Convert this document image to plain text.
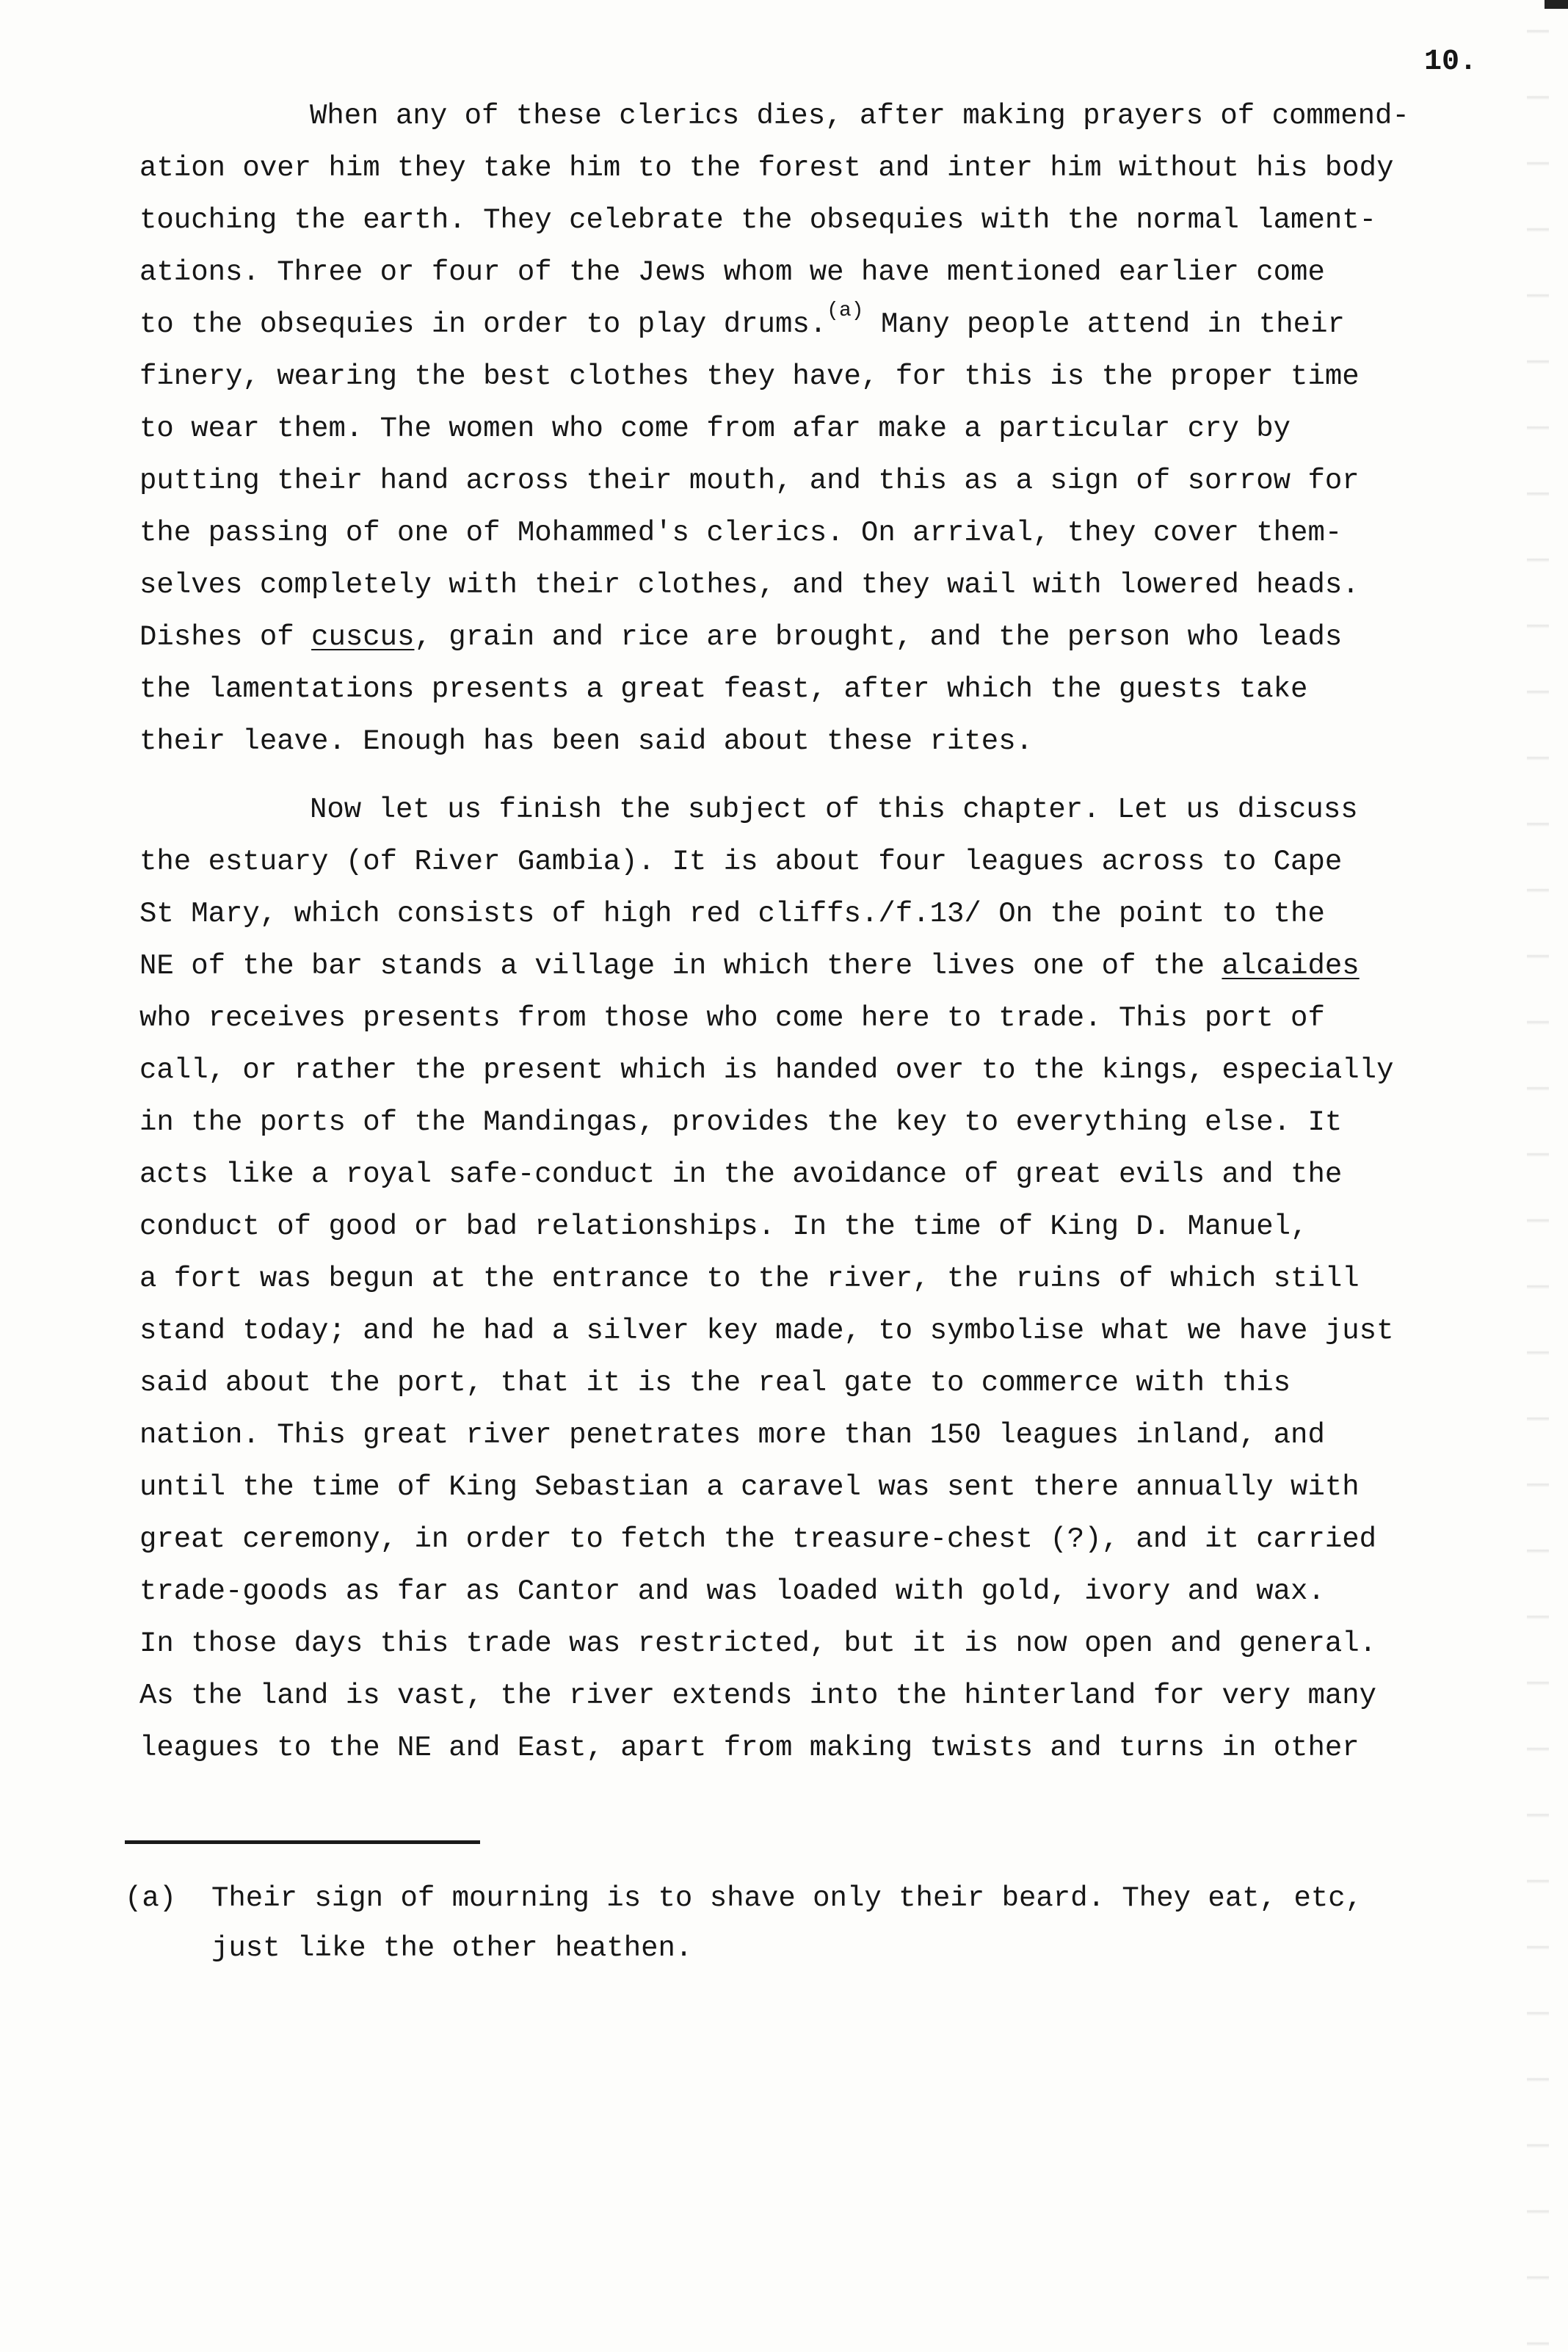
10.
When any of these clerics dies, after making prayers of commend-
ation over him they take him to the forest and inter him without his body
touching the earth. They celebrate the obsequies with the normal lament-
ations. Three or four of the Jews whom we have mentioned earlier come
to the obsequies in order to play drums.$^{(a)}$ Many people attend in their
finery, wearing the best clothes they have, for this is the proper time
to wear them. The women who come from afar make a particular cry by
putting their hand across their mouth, and this as a sign of sorrow for
the passing of one of Mohammed's clerics. On arrival, they cover them-
selves completely with their clothes, and they wail with lowered heads.
Dishes of cuscus, grain and rice are brought, and the person who leads
the lamentations presents a great feast, after which the guests take
their leave. Enough has been said about these rites.
Now let us finish the subject of this chapter. Let us discuss
the estuary (of River Gambia). It is about four leagues across to Cape
St Mary, which consists of high red cliffs./f.13/ On the point to the
NE of the bar stands a village in which there lives one of the alcaides
who receives presents from those who come here to trade. This port of
call, or rather the present which is handed over to the kings, especially
in the ports of the Mandingas, provides the key to everything else. It
acts like a royal safe-conduct in the avoidance of great evils and the
conduct of good or bad relationships. In the time of King D. Manuel,
a fort was begun at the entrance to the river, the ruins of which still
stand today; and he had a silver key made, to symbolise what we have just
said about the port, that it is the real gate to commerce with this
nation. This great river penetrates more than 150 leagues inland, and
until the time of King Sebastian a caravel was sent there annually with
great ceremony, in order to fetch the treasure-chest (?), and it carried
trade-goods as far as Cantor and was loaded with gold, ivory and wax.
In those days this trade was restricted, but it is now open and general.
As the land is vast, the river extends into the hinterland for very many
leagues to the NE and East, apart from making twists and turns in other
(a) Their sign of mourning is to shave only their beard. They eat, etc,
just like the other heathen.
